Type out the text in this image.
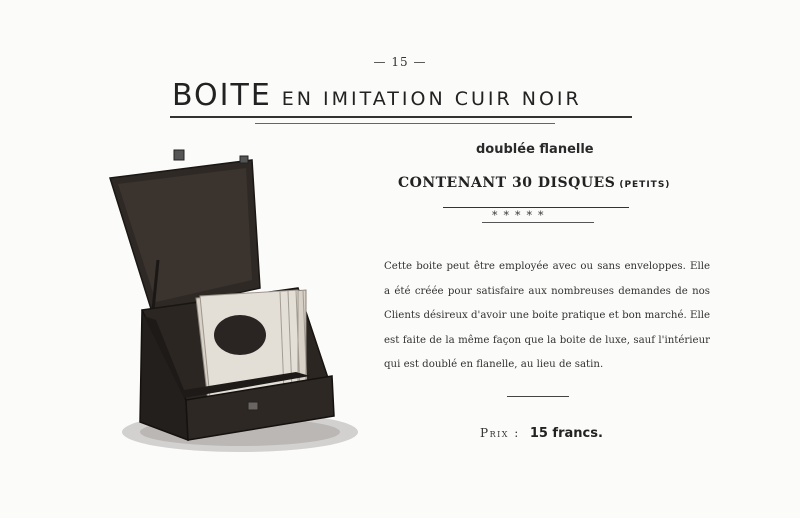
— 15 —
BOITE EN IMITATION CUIR NOIR
doublée flanelle
CONTENANT 30 DISQUES (PETITS)
*****
Cette boite peut être employée avec ou sans enveloppes. Elle a été créée pour satisfaire aux nombreuses demandes de nos Clients désireux d'avoir une boite pratique et bon marché. Elle est faite de la même façon que la boite de luxe, sauf l'intérieur qui est doublé en flanelle, au lieu de satin.
Prix : 15 francs.
